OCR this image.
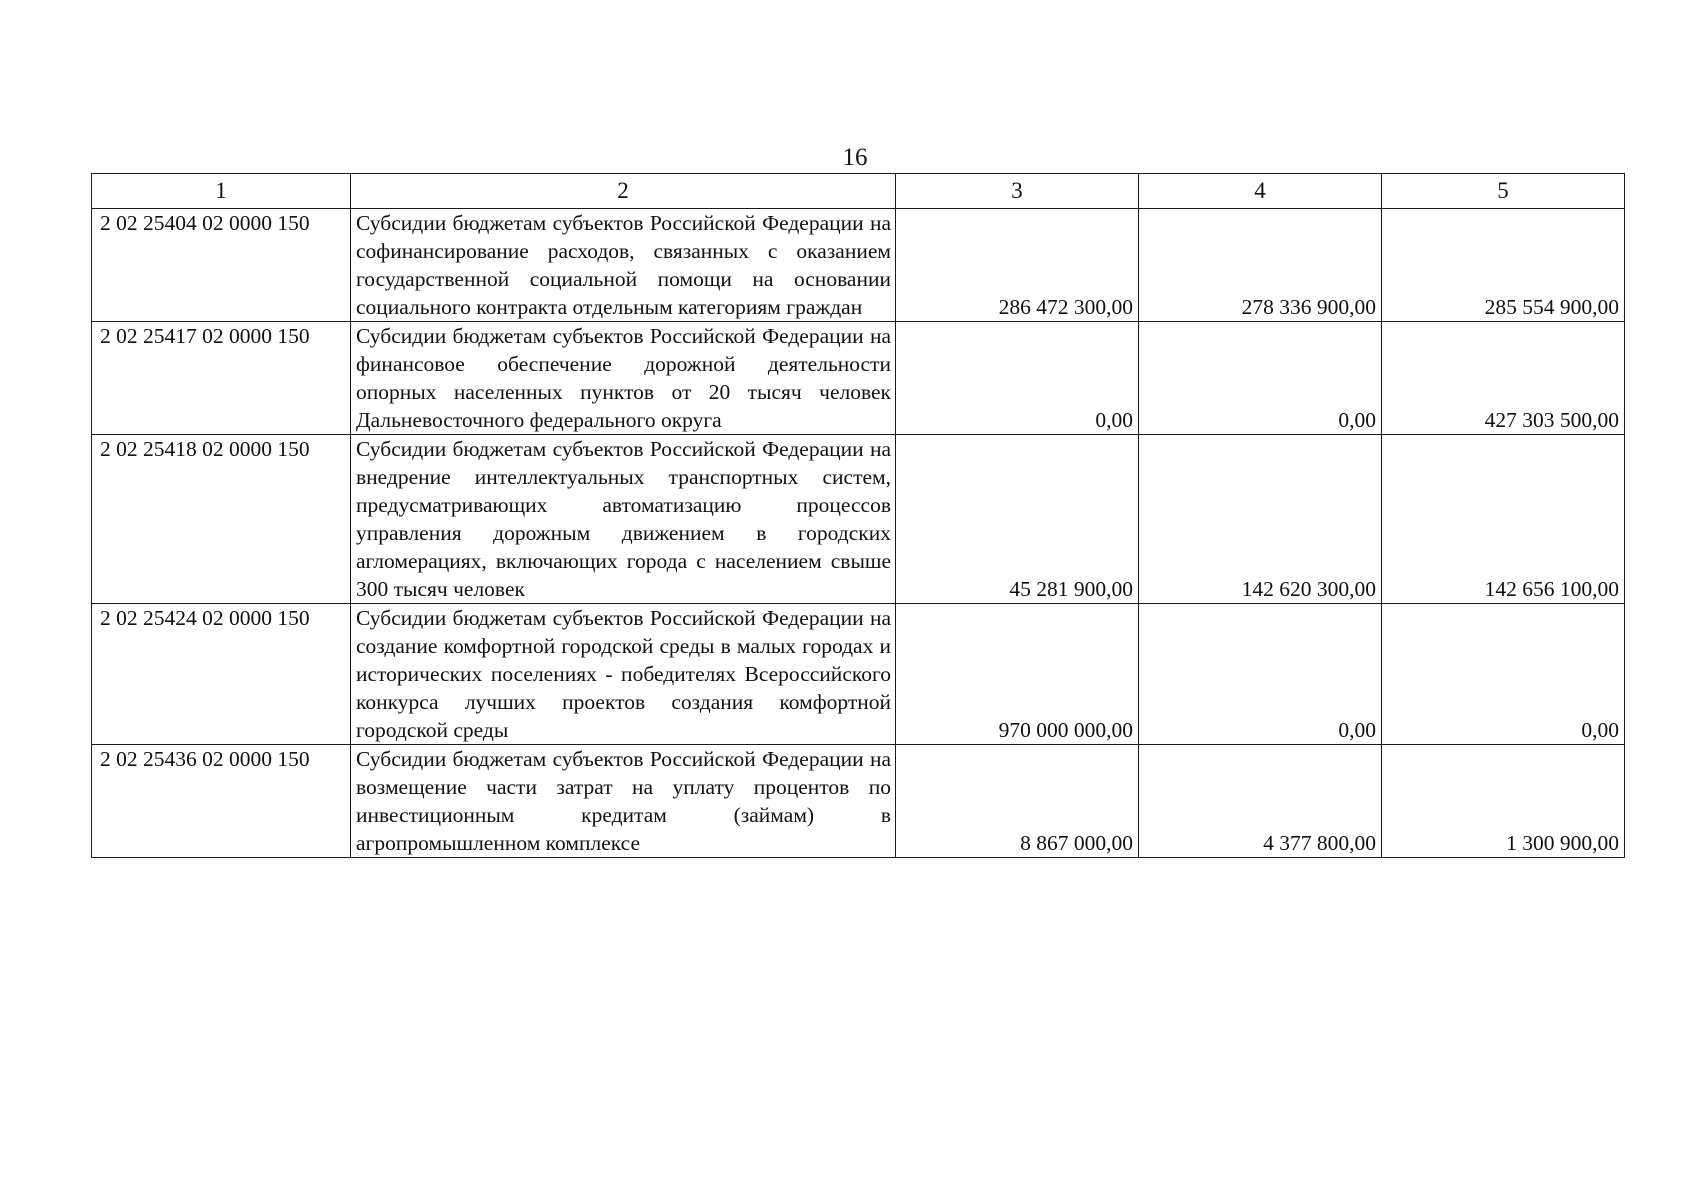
16
1	2	3	4	5
2 02 25404 02 0000 150	Субсидии бюджетам субъектов Российской Федерации на софинансирование расходов, связанных с оказанием государственной социальной помощи на основании социального контракта отдельным категориям граждан	286 472 300,00	278 336 900,00	285 554 900,00
2 02 25417 02 0000 150	Субсидии бюджетам субъектов Российской Федерации на финансовое обеспечение дорожной деятельности опорных населенных пунктов от 20 тысяч человек Дальневосточного федерального округа	0,00	0,00	427 303 500,00
2 02 25418 02 0000 150	Субсидии бюджетам субъектов Российской Федерации на внедрение интеллектуальных транспортных систем, предусматривающих автоматизацию процессов управления дорожным движением в городских агломерациях, включающих города с населением свыше 300 тысяч человек	45 281 900,00	142 620 300,00	142 656 100,00
2 02 25424 02 0000 150	Субсидии бюджетам субъектов Российской Федерации на создание комфортной городской среды в малых городах и исторических поселениях - победителях Всероссийского конкурса лучших проектов создания комфортной городской среды	970 000 000,00	0,00	0,00
2 02 25436 02 0000 150	Субсидии бюджетам субъектов Российской Федерации на возмещение части затрат на уплату процентов по инвестиционным кредитам (займам) в агропромышленном комплексе	8 867 000,00	4 377 800,00	1 300 900,00
